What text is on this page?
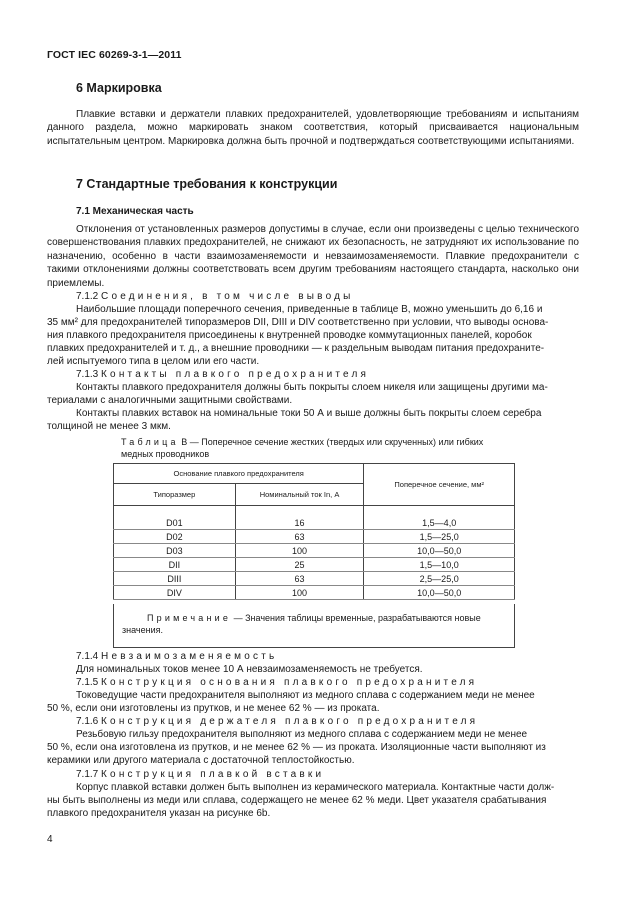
ГОСТ IEC 60269-3-1—2011
6 Маркировка
Плавкие вставки и держатели плавких предохранителей, удовлетворяющие требованиям и испытаниям данного раздела, можно маркировать знаком соответствия, который присваивается национальным испытательным центром. Маркировка должна быть прочной и подтверждаться соответствующими испытаниями.
7 Стандартные требования к конструкции
7.1 Механическая часть
Отклонения от установленных размеров допустимы в случае, если они произведены с целью технического совершенствования плавких предохранителей, не снижают их безопасность, не затрудняют их использование по назначению, особенно в части взаимозаменяемости и невзаимозаменяемости. Плавкие предохранители с такими отклонениями должны соответствовать всем другим требованиям настоящего стандарта, насколько они приемлемы.
7.1.2 Соединения, в том числе выводы
Наибольшие площади поперечного сечения, приведенные в таблице В, можно уменьшить до 6,16 и
35 мм² для предохранителей типоразмеров DII, DIII и DIV соответственно при условии, что выводы основа-
ния плавкого предохранителя присоединены к внутренней проводке коммутационных панелей, коробок
плавких предохранителей и т. д., а внешние проводники — к раздельным выводам питания предохраните-
лей испытуемого типа в целом или его части.
7.1.3 Контакты плавкого предохранителя
Контакты плавкого предохранителя должны быть покрыты слоем никеля или защищены другими ма-
териалами с аналогичными защитными свойствами.
Контакты плавких вставок на номинальные токи 50 А и выше должны быть покрыты слоем серебра
толщиной не менее 3 мкм.
Таблица В — Поперечное сечение жестких (твердых или скрученных) или гибких
медных проводников
Основание плавкого предохранителя		Поперечное сечение, мм²
Типоразмер	Номинальный ток In, А	
D01	16	1,5—4,0
D02	63	1,5—25,0
D03	100	10,0—50,0
DII	25	1,5—10,0
DIII	63	2,5—25,0
DIV	100	10,0—50,0
Примечание — Значения таблицы временные, разрабатываются новые
значения.
7.1.4 Невзаимозаменяемость
Для номинальных токов менее 10 А невзаимозаменяемость не требуется.
7.1.5 Конструкция основания плавкого предохранителя
Токоведущие части предохранителя выполняют из медного сплава с содержанием меди не менее
50 %, если они изготовлены из прутков, и не менее 62 % — из проката.
7.1.6 Конструкция держателя плавкого предохранителя
Резьбовую гильзу предохранителя выполняют из медного сплава с содержанием меди не менее
50 %, если она изготовлена из прутков, и не менее 62 % — из проката. Изоляционные части выполняют из
керамики или другого материала с достаточной теплостойкостью.
7.1.7 Конструкция плавкой вставки
Корпус плавкой вставки должен быть выполнен из керамического материала. Контактные части долж-
ны быть выполнены из меди или сплава, содержащего не менее 62 % меди. Цвет указателя срабатывания
плавкого предохранителя указан на рисунке 6b.
4
